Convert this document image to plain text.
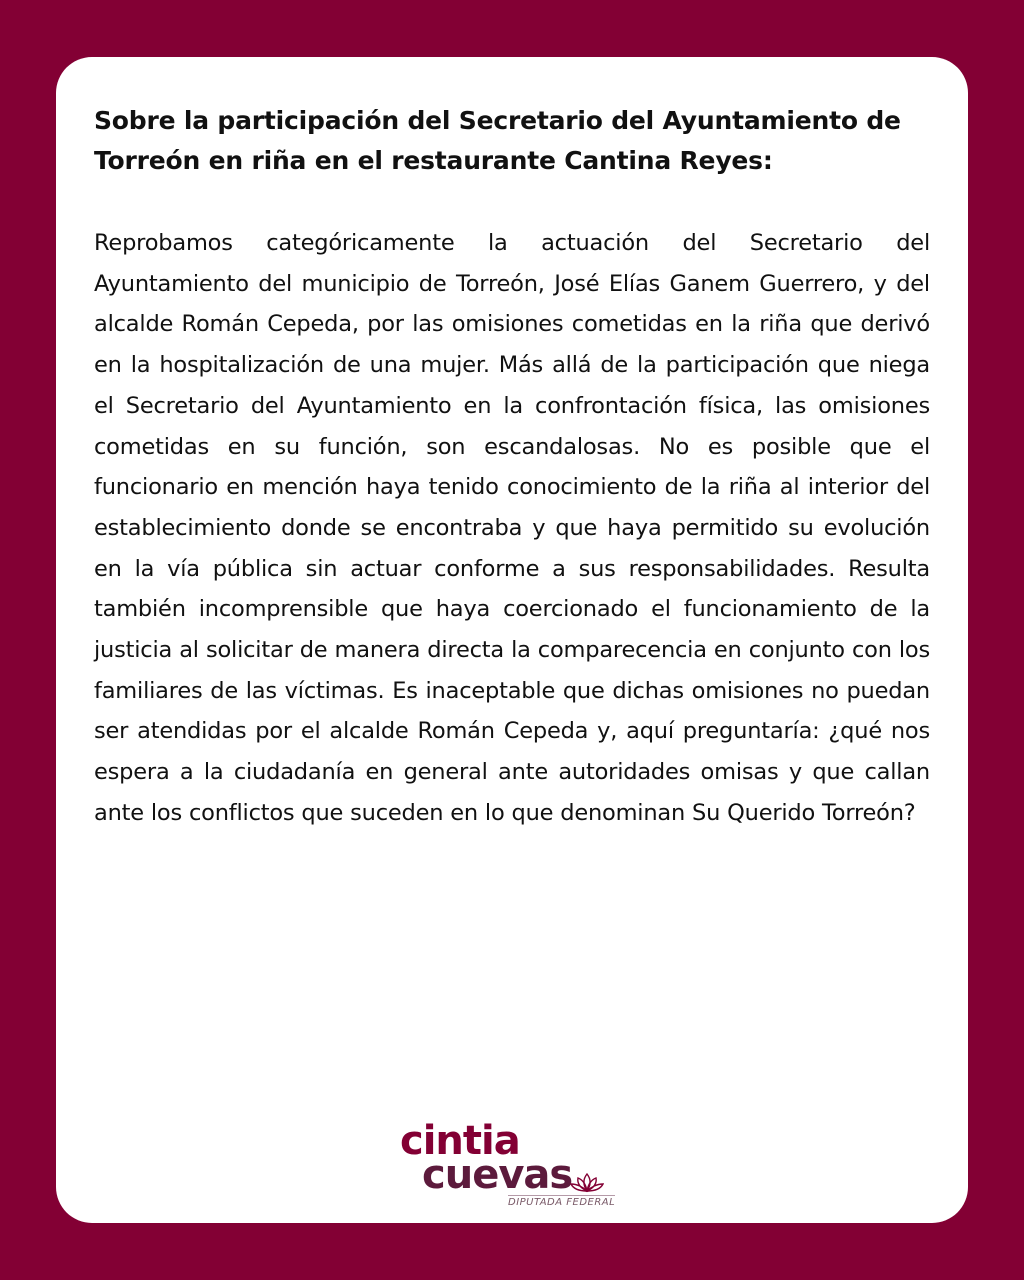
Sobre la participación del Secretario del Ayuntamiento de Torreón en riña en el restaurante Cantina Reyes:

Reprobamos categóricamente la actuación del Secretario del Ayuntamiento del municipio de Torreón, José Elías Ganem Guerrero, y del alcalde Román Cepeda, por las omisiones cometidas en la riña que derivó en la hospitalización de una mujer. Más allá de la participación que niega el Secretario del Ayuntamiento en la confrontación física, las omisiones cometidas en su función, son escandalosas. No es posible que el funcionario en mención haya tenido conocimiento de la riña al interior del establecimiento donde se encontraba y que haya permitido su evolución en la vía pública sin actuar conforme a sus responsabilidades. Resulta también incomprensible que haya coercionado el funcionamiento de la justicia al solicitar de manera directa la comparecencia en conjunto con los familiares de las víctimas. Es inaceptable que dichas omisiones no puedan ser atendidas por el alcalde Román Cepeda y, aquí preguntaría: ¿qué nos espera a la ciudadanía en general ante autoridades omisas y que callan ante los conflictos que suceden en lo que denominan Su Querido Torreón?

cintia
cuevas
DIPUTADA FEDERAL
